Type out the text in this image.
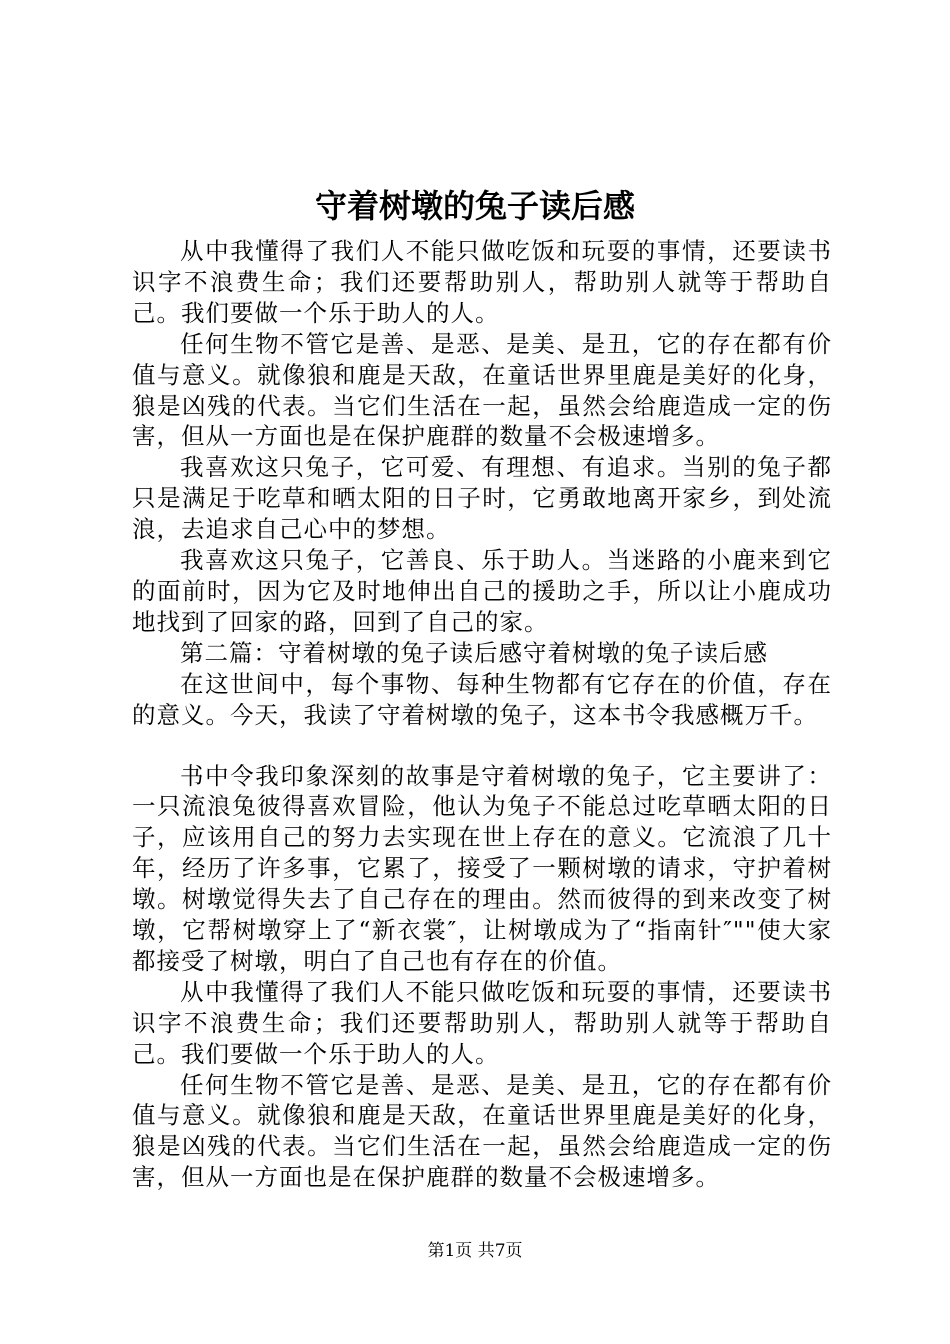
守着树墩的兔子读后感

从中我懂得了我们人不能只做吃饭和玩耍的事情，还要读书识字不浪费生命；我们还要帮助别人，帮助别人就等于帮助自己。我们要做一个乐于助人的人。

任何生物不管它是善、是恶、是美、是丑，它的存在都有价值与意义。就像狼和鹿是天敌，在童话世界里鹿是美好的化身，狼是凶残的代表。当它们生活在一起，虽然会给鹿造成一定的伤害，但从一方面也是在保护鹿群的数量不会极速增多。

我喜欢这只兔子，它可爱、有理想、有追求。当别的兔子都只是满足于吃草和晒太阳的日子时，它勇敢地离开家乡，到处流浪，去追求自己心中的梦想。

我喜欢这只兔子，它善良、乐于助人。当迷路的小鹿来到它的面前时，因为它及时地伸出自己的援助之手，所以让小鹿成功地找到了回家的路，回到了自己的家。

第二篇：守着树墩的兔子读后感守着树墩的兔子读后感

在这世间中，每个事物、每种生物都有它存在的价值，存在的意义。今天，我读了守着树墩的兔子，这本书令我感概万千。

书中令我印象深刻的故事是守着树墩的兔子，它主要讲了：一只流浪兔彼得喜欢冒险，他认为兔子不能总过吃草晒太阳的日子，应该用自己的努力去实现在世上存在的意义。它流浪了几十年，经历了许多事，它累了，接受了一颗树墩的请求，守护着树墩。树墩觉得失去了自己存在的理由。然而彼得的到来改变了树墩，它帮树墩穿上了“新衣裳″，让树墩成为了“指南针″""使大家都接受了树墩，明白了自己也有存在的价值。

从中我懂得了我们人不能只做吃饭和玩耍的事情，还要读书识字不浪费生命；我们还要帮助别人，帮助别人就等于帮助自己。我们要做一个乐于助人的人。

任何生物不管它是善、是恶、是美、是丑，它的存在都有价值与意义。就像狼和鹿是天敌，在童话世界里鹿是美好的化身，狼是凶残的代表。当它们生活在一起，虽然会给鹿造成一定的伤害，但从一方面也是在保护鹿群的数量不会极速增多。

第1页 共7页
